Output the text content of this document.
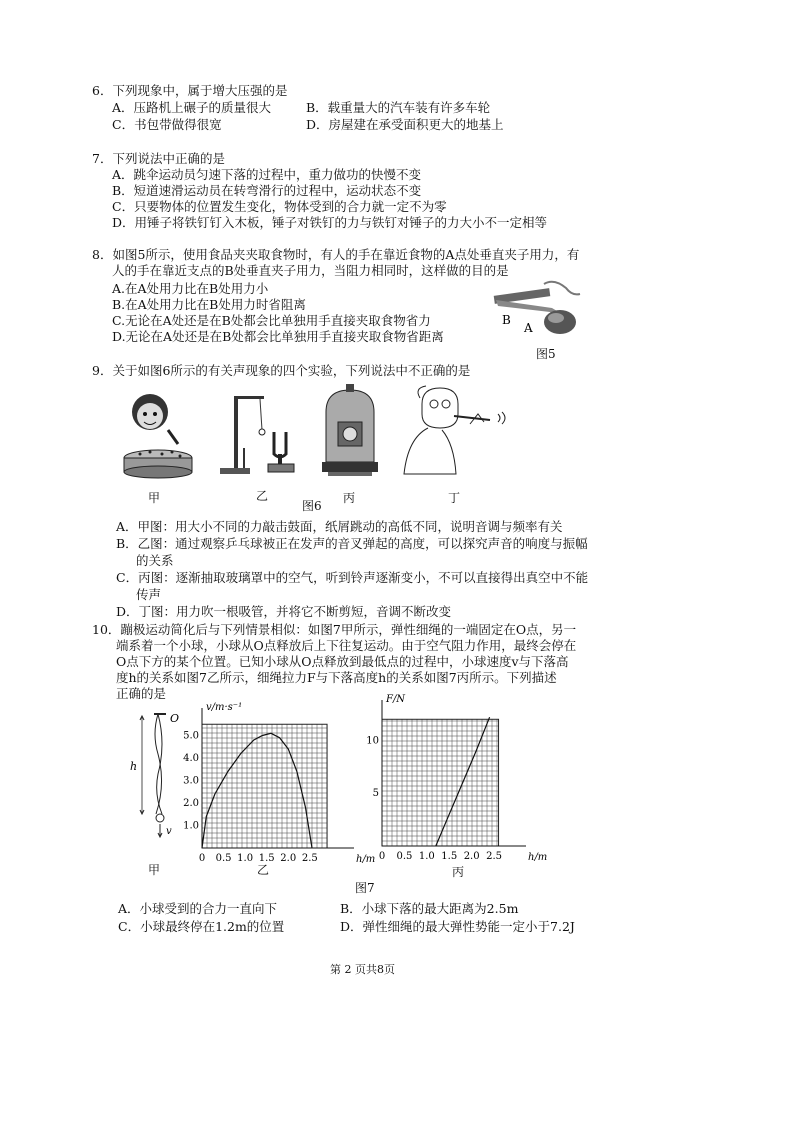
6．下列现象中，属于增大压强的是
A．压路机上碾子的质量很大	B．载重量大的汽车装有许多车轮
C．书包带做得很宽	D．房屋建在承受面积更大的地基上
7．下列说法中正确的是
A．跳伞运动员匀速下落的过程中，重力做功的快慢不变
B．短道速滑运动员在转弯滑行的过程中，运动状态不变
C．只要物体的位置发生变化，物体受到的合力就一定不为零
D．用锤子将铁钉钉入木板，锤子对铁钉的力与铁钉对锤子的力大小不一定相等
8．如图5所示，使用食品夹夹取食物时，有人的手在靠近食物的A点处垂直夹子用力，有
人的手在靠近支点的B处垂直夹子用力，当阻力相同时，这样做的目的是
A.在A处用力比在B处用力小
B.在A处用力比在B处用力时省阻离
C.无论在A处还是在B处都会比单独用手直接夹取食物省力
D.无论在A处还是在B处都会比单独用手直接夹取食物省距离
B
A
图5
9．关于如图6所示的有关声现象的四个实验，下列说法中不正确的是
甲	乙	丙	丁
图6
A．甲图：用大小不同的力敲击鼓面，纸屑跳动的高低不同，说明音调与频率有关
B．乙图：通过观察乒乓球被正在发声的音叉弹起的高度，可以探究声音的响度与振幅
的关系
C．丙图：逐渐抽取玻璃罩中的空气，听到铃声逐渐变小，不可以直接得出真空中不能
传声
D．丁图：用力吹一根吸管，并将它不断剪短，音调不断改变
10．蹦极运动简化后与下列情景相似：如图7甲所示，弹性细绳的一端固定在O点，另一
端系着一个小球，小球从O点释放后上下往复运动。由于空气阻力作用，最终会停在
O点下方的某个位置。已知小球从O点释放到最低点的过程中，小球速度v与下落高
度h的关系如图7乙所示，细绳拉力F与下落高度h的关系如图7丙所示。下列描述
正确的是
O
h
v
0 0.5 1.0 1.5 2.0 2.5
1.0
2.0
3.0
4.0
5.0
v/m·s⁻¹
h/m 0 0.5 1.0 1.5 2.0 2.5
5
10
F/N
h/m
甲	乙	丙
图7
A．小球受到的合力一直向下	B．小球下落的最大距离为2.5m
C．小球最终停在1.2m的位置	D．弹性细绳的最大弹性势能一定小于7.2J
第 2 页共8页
